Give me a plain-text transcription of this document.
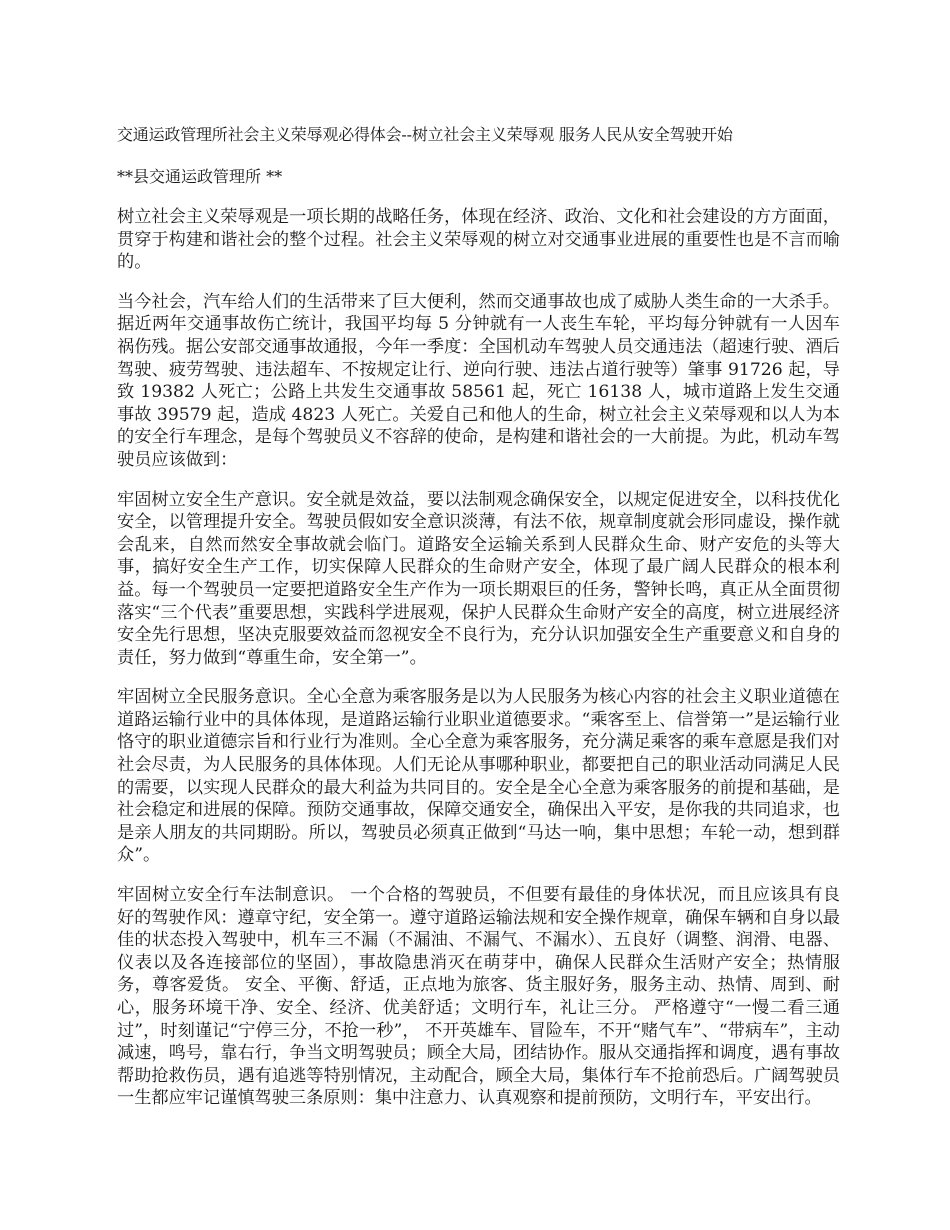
交通运政管理所社会主义荣辱观必得体会--树立社会主义荣辱观 服务人民从安全驾驶开始
**县交通运政管理所 **

树立社会主义荣辱观是一项长期的战略任务，体现在经济、政治、文化和社会建设的方方面面，贯穿于构建和谐社会的整个过程。社会主义荣辱观的树立对交通事业进展的重要性也是不言而喻的。

当今社会，汽车给人们的生活带来了巨大便利，然而交通事故也成了威胁人类生命的一大杀手。据近两年交通事故伤亡统计，我国平均每 5 分钟就有一人丧生车轮，平均每分钟就有一人因车祸伤残。据公安部交通事故通报，今年一季度：全国机动车驾驶人员交通违法（超速行驶、酒后驾驶、疲劳驾驶、违法超车、不按规定让行、逆向行驶、违法占道行驶等）肇事 91726 起，导致 19382 人死亡；公路上共发生交通事故 58561 起，死亡 16138 人，城市道路上发生交通事故 39579 起，造成 4823 人死亡。关爱自己和他人的生命，树立社会主义荣辱观和以人为本的安全行车理念，是每个驾驶员义不容辞的使命，是构建和谐社会的一大前提。为此，机动车驾驶员应该做到：

牢固树立安全生产意识。安全就是效益，要以法制观念确保安全，以规定促进安全，以科技优化安全，以管理提升安全。驾驶员假如安全意识淡薄，有法不依，规章制度就会形同虚设，操作就会乱来，自然而然安全事故就会临门。道路安全运输关系到人民群众生命、财产安危的头等大事，搞好安全生产工作，切实保障人民群众的生命财产安全，体现了最广阔人民群众的根本利益。每一个驾驶员一定要把道路安全生产作为一项长期艰巨的任务，警钟长鸣，真正从全面贯彻落实“三个代表”重要思想，实践科学进展观，保护人民群众生命财产安全的高度，树立进展经济安全先行思想，坚决克服要效益而忽视安全不良行为，充分认识加强安全生产重要意义和自身的责任，努力做到“尊重生命，安全第一”。

牢固树立全民服务意识。全心全意为乘客服务是以为人民服务为核心内容的社会主义职业道德在道路运输行业中的具体体现，是道路运输行业职业道德要求。“乘客至上、信誉第一”是运输行业恪守的职业道德宗旨和行业行为准则。全心全意为乘客服务，充分满足乘客的乘车意愿是我们对社会尽责，为人民服务的具体体现。人们无论从事哪种职业，都要把自己的职业活动同满足人民的需要，以实现人民群众的最大利益为共同目的。安全是全心全意为乘客服务的前提和基础，是社会稳定和进展的保障。预防交通事故，保障交通安全，确保出入平安，是你我的共同追求，也是亲人朋友的共同期盼。所以，驾驶员必须真正做到“马达一响，集中思想；车轮一动，想到群众”。

牢固树立安全行车法制意识。 一个合格的驾驶员，不但要有最佳的身体状况，而且应该具有良好的驾驶作风：遵章守纪，安全第一。遵守道路运输法规和安全操作规章，确保车辆和自身以最佳的状态投入驾驶中，机车三不漏（不漏油、不漏气、不漏水）、五良好（调整、润滑、电器、仪表以及各连接部位的坚固），事故隐患消灭在萌芽中，确保人民群众生活财产安全；热情服务，尊客爱货。 安全、平衡、舒适，正点地为旅客、货主服好务，服务主动、热情、周到、耐心，服务环境干净、安全、经济、优美舒适；文明行车，礼让三分。 严格遵守“一慢二看三通过”，时刻谨记“宁停三分，不抢一秒”， 不开英雄车、冒险车，不开“赌气车”、“带病车”，主动减速，鸣号，靠右行，争当文明驾驶员；顾全大局，团结协作。服从交通指挥和调度，遇有事故帮助抢救伤员，遇有追逃等特别情况，主动配合，顾全大局，集体行车不抢前恐后。广阔驾驶员一生都应牢记谨慎驾驶三条原则：集中注意力、认真观察和提前预防，文明行车，平安出行。
